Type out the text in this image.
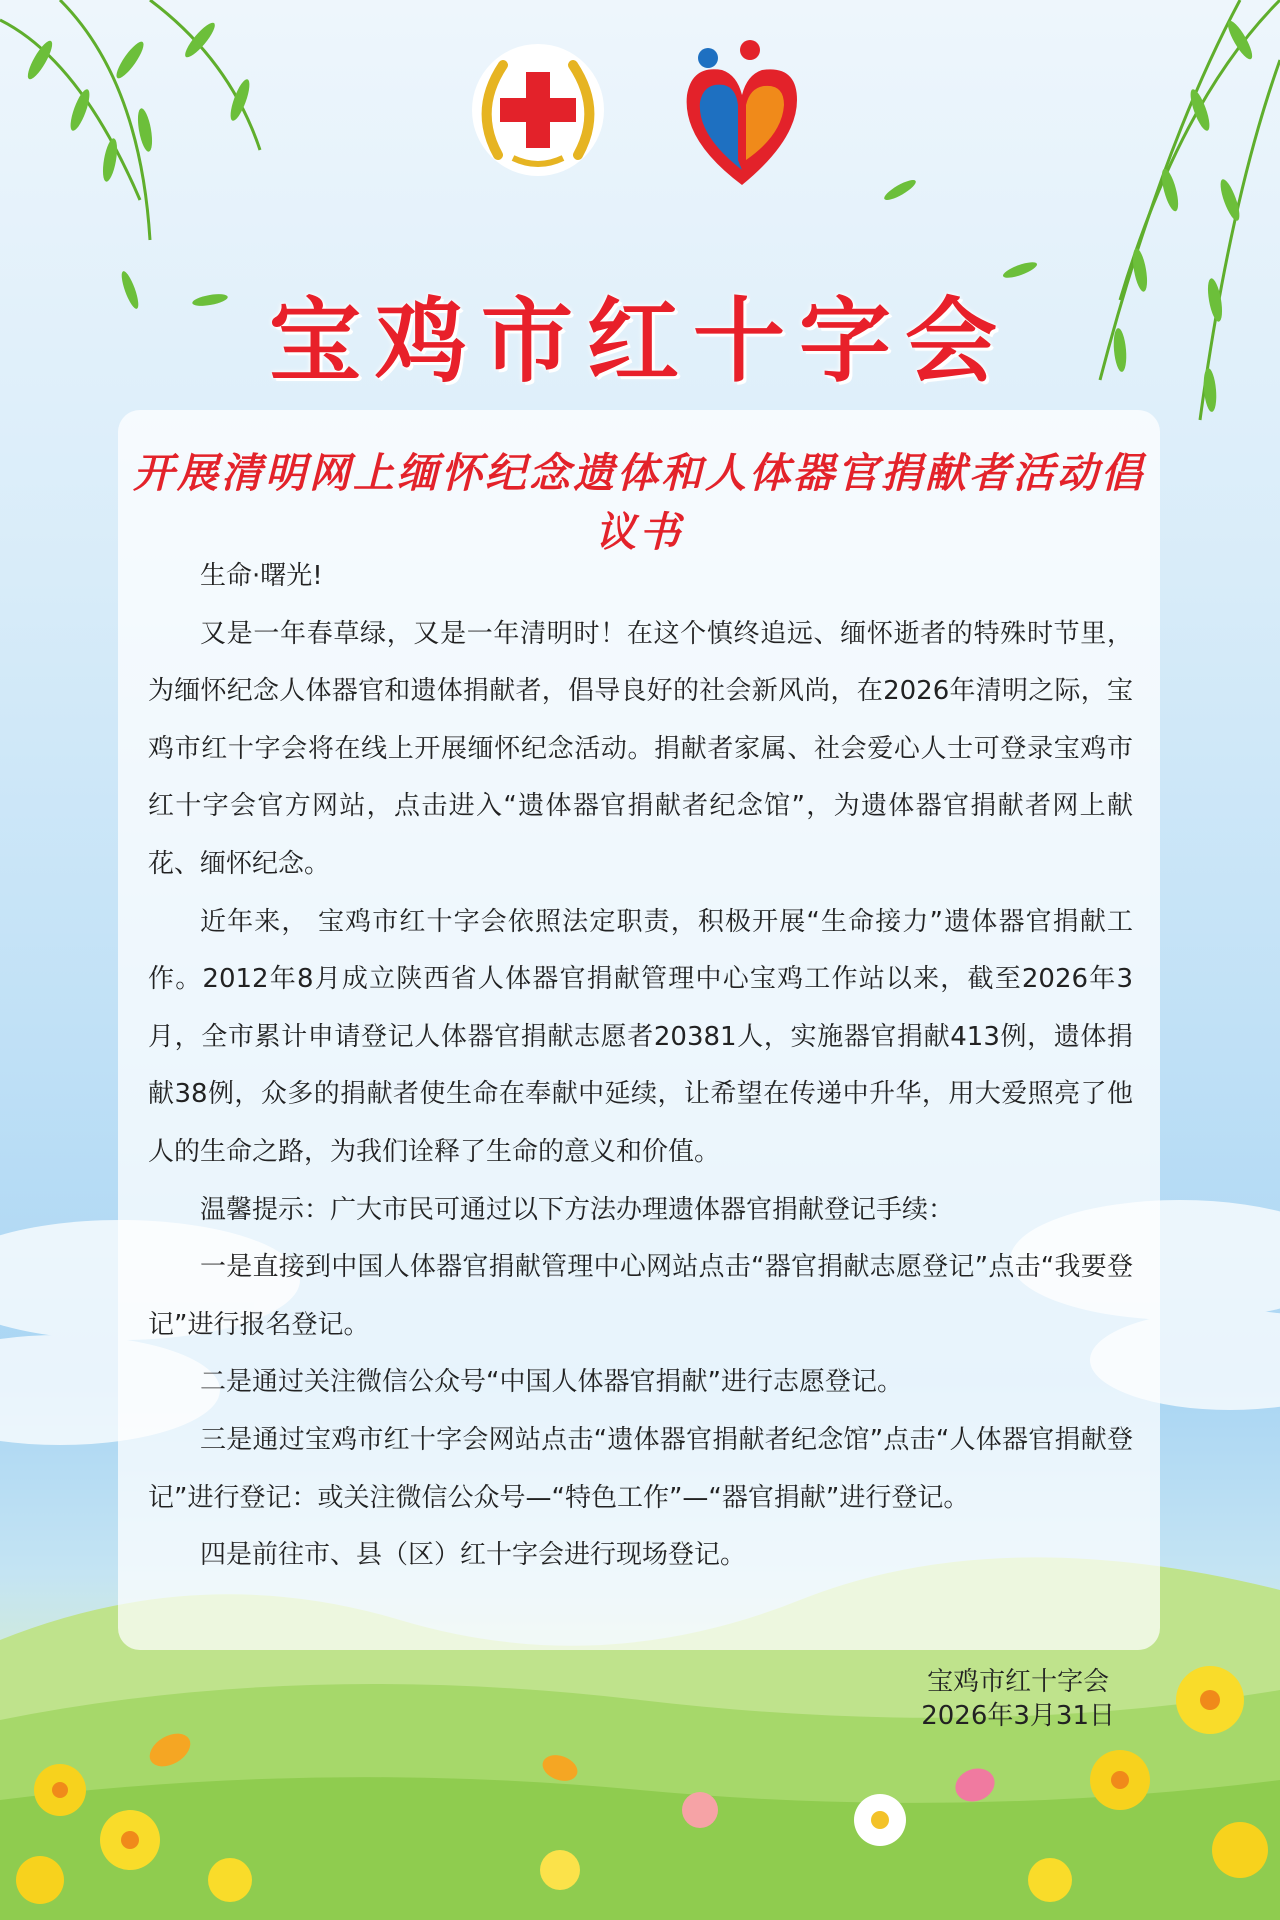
宝鸡市红十字会
开展清明网上缅怀纪念遗体和人体器官捐献者活动倡议书

生命·曙光!

又是一年春草绿，又是一年清明时！在这个慎终追远、缅怀逝者的特殊时节里，为缅怀纪念人体器官和遗体捐献者，倡导良好的社会新风尚，在2026年清明之际，宝鸡市红十字会将在线上开展缅怀纪念活动。捐献者家属、社会爱心人士可登录宝鸡市红十字会官方网站，点击进入“遗体器官捐献者纪念馆”，为遗体器官捐献者网上献花、缅怀纪念。

近年来， 宝鸡市红十字会依照法定职责，积极开展“生命接力”遗体器官捐献工作。2012年8月成立陕西省人体器官捐献管理中心宝鸡工作站以来，截至2026年3月，全市累计申请登记人体器官捐献志愿者20381人，实施器官捐献413例，遗体捐献38例，众多的捐献者使生命在奉献中延续，让希望在传递中升华，用大爱照亮了他人的生命之路，为我们诠释了生命的意义和价值。

温馨提示：广大市民可通过以下方法办理遗体器官捐献登记手续：

一是直接到中国人体器官捐献管理中心网站点击“器官捐献志愿登记”点击“我要登记”进行报名登记。

二是通过关注微信公众号“中国人体器官捐献”进行志愿登记。

三是通过宝鸡市红十字会网站点击“遗体器官捐献者纪念馆”点击“人体器官捐献登记”进行登记：或关注微信公众号—“特色工作”—“器官捐献”进行登记。

四是前往市、县（区）红十字会进行现场登记。

宝鸡市红十字会
2026年3月31日
